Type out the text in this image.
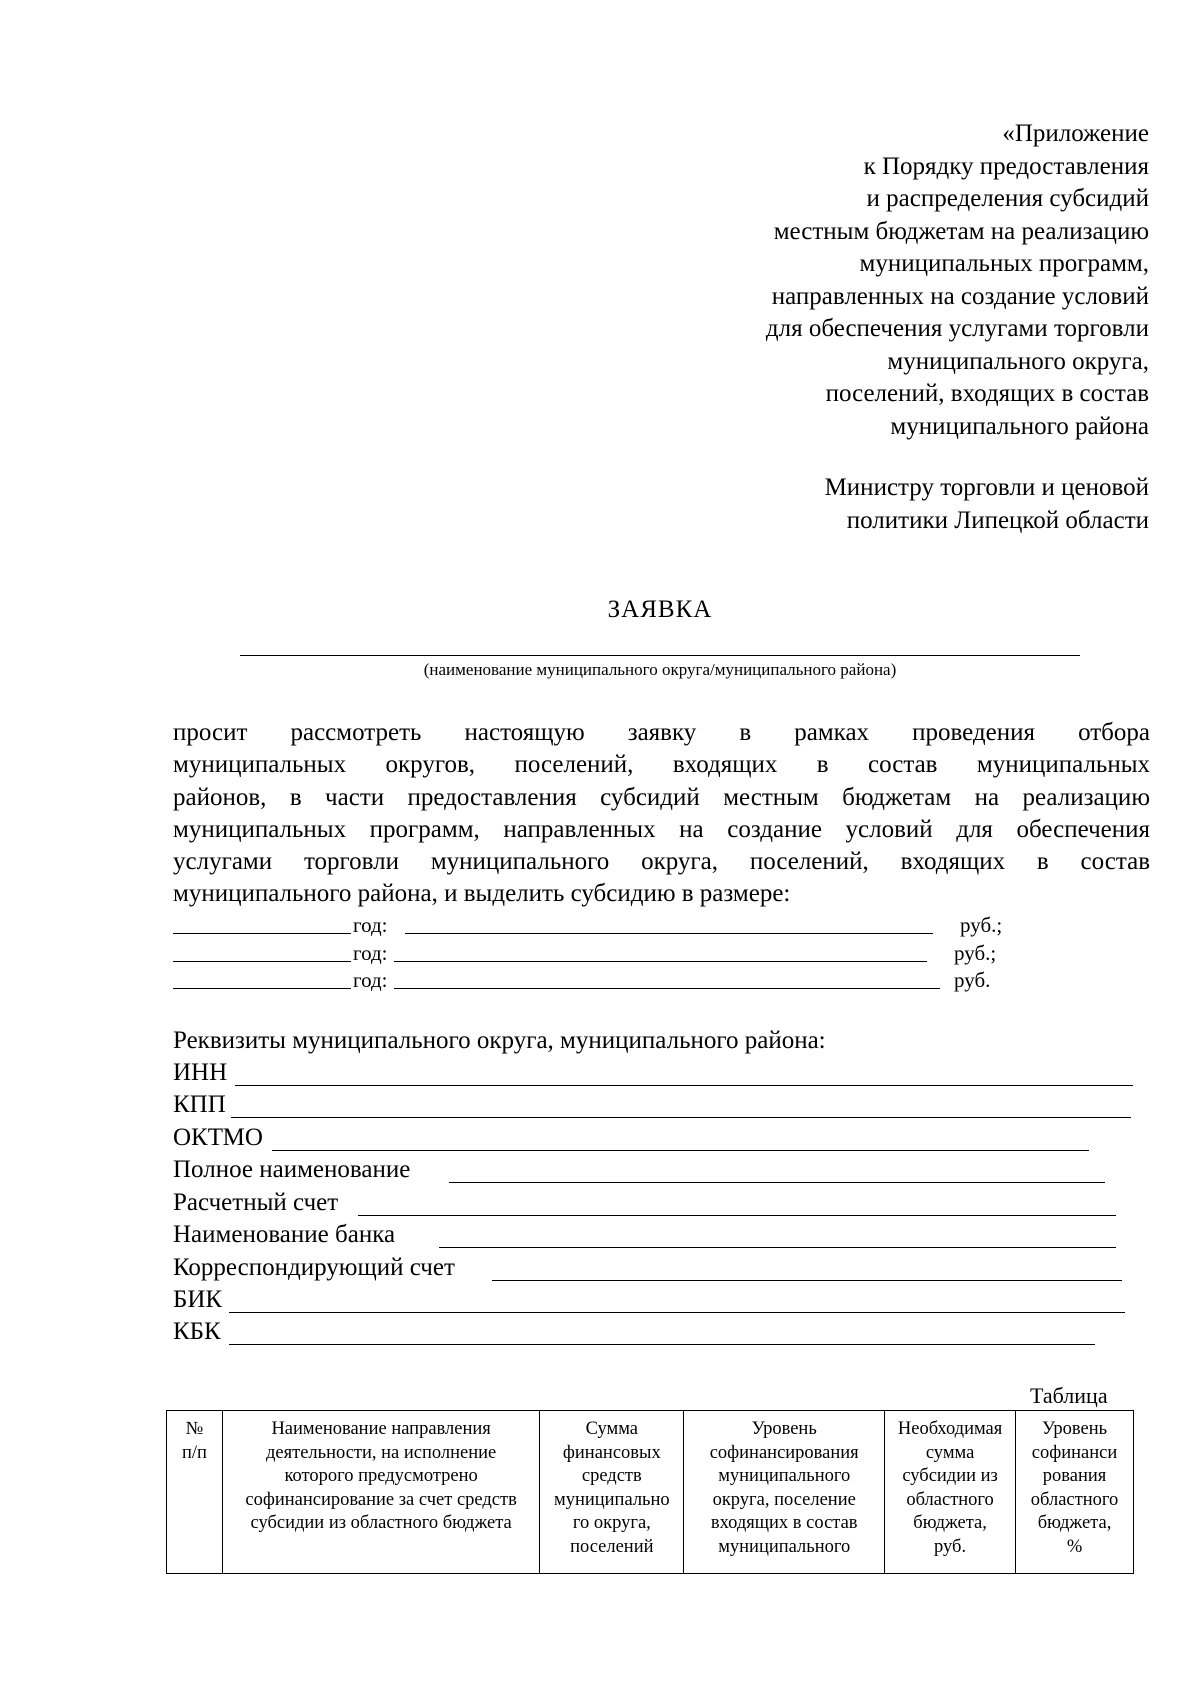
«Приложение
к Порядку предоставления
и распределения субсидий
местным бюджетам на реализацию
муниципальных программ,
направленных на создание условий
для обеспечения услугами торговли
муниципального округа,
поселений, входящих в состав
муниципального района
Министру торговли и ценовой
политики Липецкой области
ЗАЯВКА
(наименование муниципального округа/муниципального района)
просит рассмотреть настоящую заявку в рамках проведения отбора
муниципальных округов, поселений, входящих в состав муниципальных
районов, в части предоставления субсидий местным бюджетам на реализацию
муниципальных программ, направленных на создание условий для обеспечения
услугами торговли муниципального округа, поселений, входящих в состав
муниципального района, и выделить субсидию в размере:
год:	руб.;
год:	руб.;
год:	руб.
Реквизиты муниципального округа, муниципального района:
ИНН
КПП
ОКТМО
Полное наименование
Расчетный счет
Наименование банка
Корреспондирующий счет
БИК
КБК
Таблица
№
п/п

Наименование направления
деятельности, на исполнение
которого предусмотрено
софинансирование за счет средств
субсидии из областного бюджета

Сумма
финансовых
средств
муниципально
го округа,
поселений

Уровень
софинансирования
муниципального
округа, поселение
входящих в состав
муниципального

Необходимая
сумма
субсидии из
областного
бюджета,
руб.

Уровень
софинанси
рования
областного
бюджета,
%
